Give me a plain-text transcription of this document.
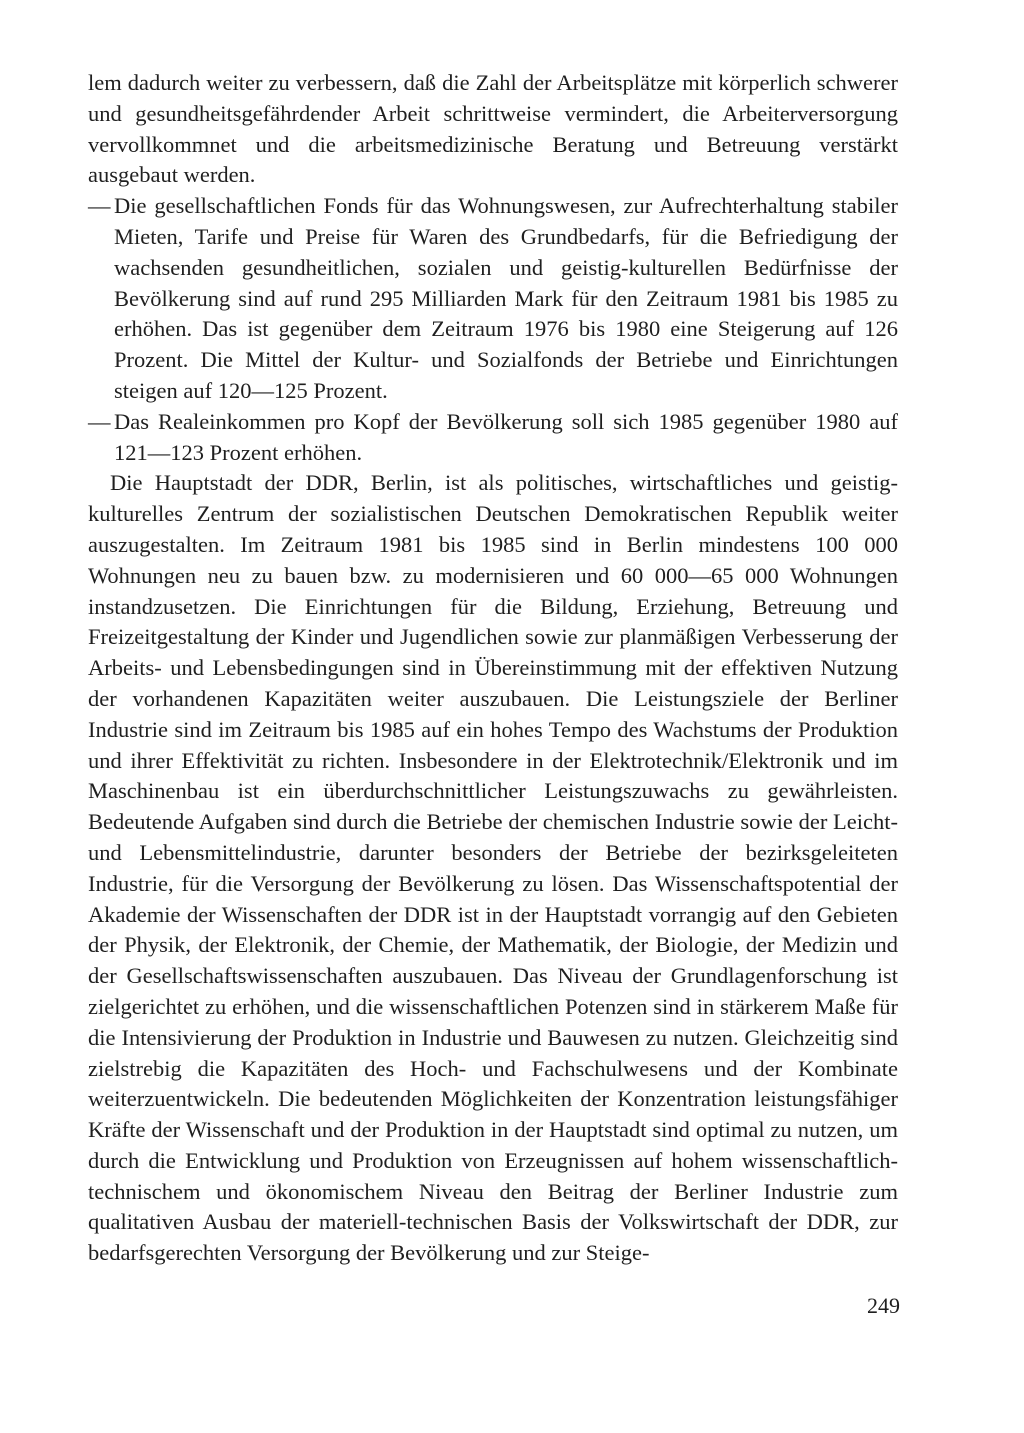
lem dadurch weiter zu verbessern, daß die Zahl der Arbeitsplätze mit körperlich schwerer und gesundheitsgefährdender Arbeit schrittweise vermindert, die Arbeiterversorgung vervollkommnet und die arbeitsmedizinische Beratung und Betreuung verstärkt ausgebaut werden.

— Die gesellschaftlichen Fonds für das Wohnungswesen, zur Aufrechterhaltung stabiler Mieten, Tarife und Preise für Waren des Grundbedarfs, für die Befriedigung der wachsenden gesundheitlichen, sozialen und geistig-kulturellen Bedürfnisse der Bevölkerung sind auf rund 295 Milliarden Mark für den Zeitraum 1981 bis 1985 zu erhöhen. Das ist gegenüber dem Zeitraum 1976 bis 1980 eine Steigerung auf 126 Prozent. Die Mittel der Kultur- und Sozialfonds der Betriebe und Einrichtungen steigen auf 120—125 Prozent.
— Das Realeinkommen pro Kopf der Bevölkerung soll sich 1985 gegenüber 1980 auf 121—123 Prozent erhöhen.

Die Hauptstadt der DDR, Berlin, ist als politisches, wirtschaftliches und geistig-kulturelles Zentrum der sozialistischen Deutschen Demokratischen Republik weiter auszugestalten. Im Zeitraum 1981 bis 1985 sind in Berlin mindestens 100 000 Wohnungen neu zu bauen bzw. zu modernisieren und 60 000—65 000 Wohnungen instandzusetzen. Die Einrichtungen für die Bildung, Erziehung, Betreuung und Freizeitgestaltung der Kinder und Jugendlichen sowie zur planmäßigen Verbesserung der Arbeits- und Lebensbedingungen sind in Übereinstimmung mit der effektiven Nutzung der vorhandenen Kapazitäten weiter auszubauen. Die Leistungsziele der Berliner Industrie sind im Zeitraum bis 1985 auf ein hohes Tempo des Wachstums der Produktion und ihrer Effektivität zu richten. Insbesondere in der Elektrotechnik/Elektronik und im Maschinenbau ist ein überdurchschnittlicher Leistungszuwachs zu gewährleisten. Bedeutende Aufgaben sind durch die Betriebe der chemischen Industrie sowie der Leicht- und Lebensmittelindustrie, darunter besonders der Betriebe der bezirksgeleiteten Industrie, für die Versorgung der Bevölkerung zu lösen. Das Wissenschaftspotential der Akademie der Wissenschaften der DDR ist in der Hauptstadt vorrangig auf den Gebieten der Physik, der Elektronik, der Chemie, der Mathematik, der Biologie, der Medizin und der Gesellschaftswissenschaften auszubauen. Das Niveau der Grundlagenforschung ist zielgerichtet zu erhöhen, und die wissenschaftlichen Potenzen sind in stärkerem Maße für die Intensivierung der Produktion in Industrie und Bauwesen zu nutzen. Gleichzeitig sind zielstrebig die Kapazitäten des Hoch- und Fachschulwesens und der Kombinate weiterzuentwickeln. Die bedeutenden Möglichkeiten der Konzentration leistungsfähiger Kräfte der Wissenschaft und der Produktion in der Hauptstadt sind optimal zu nutzen, um durch die Entwicklung und Produktion von Erzeugnissen auf hohem wissenschaftlich-technischem und ökonomischem Niveau den Beitrag der Berliner Industrie zum qualitativen Ausbau der materiell-technischen Basis der Volkswirtschaft der DDR, zur bedarfsgerechten Versorgung der Bevölkerung und zur Steige-

249
